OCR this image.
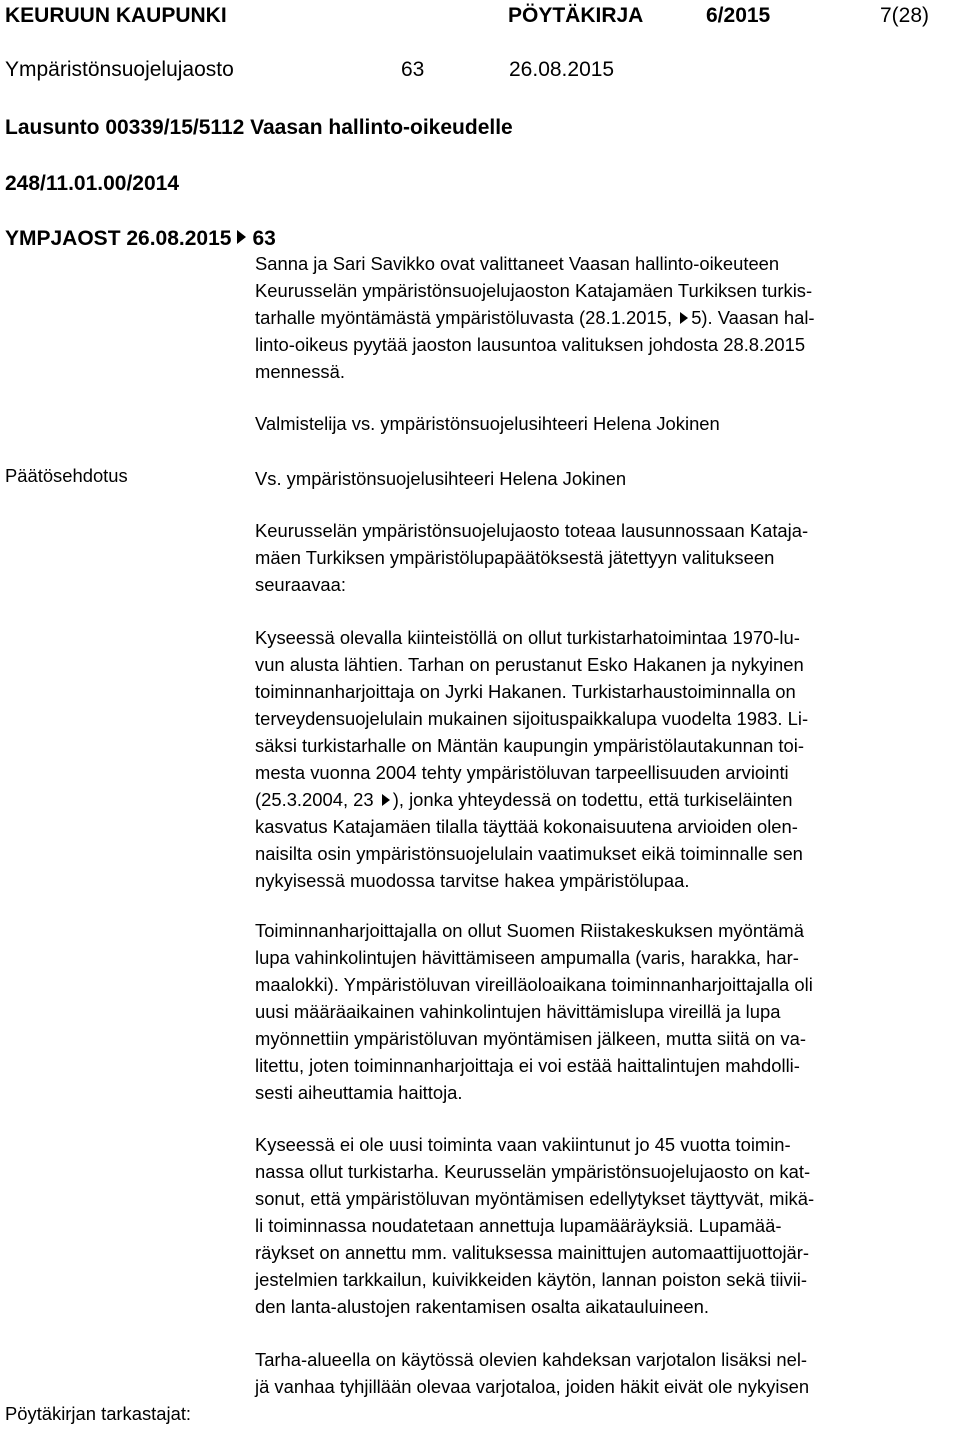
KEURUUN KAUPUNKI	PÖYTÄKIRJA	6/2015	7(28)
Ympäristönsuojelujaosto	63	26.08.2015
Lausunto 00339/15/5112 Vaasan hallinto-oikeudelle
248/11.01.00/2014
YMPJAOST 26.08.2015 63
Sanna ja Sari Savikko ovat valittaneet Vaasan hallinto-oikeuteen
Keurusselän ympäristönsuojelujaoston Katajamäen Turkiksen turkis-
tarhalle myöntämästä ympäristöluvasta (28.1.2015, 5). Vaasan hal-
linto-oikeus pyytää jaoston lausuntoa valituksen johdosta 28.8.2015
mennessä.
Valmistelija vs. ympäristönsuojelusihteeri Helena Jokinen
Päätösehdotus	Vs. ympäristönsuojelusihteeri Helena Jokinen
Keurusselän ympäristönsuojelujaosto toteaa lausunnossaan Kataja-
mäen Turkiksen ympäristölupapäätöksestä jätettyyn valitukseen
seuraavaa:
Kyseessä olevalla kiinteistöllä on ollut turkistarhatoimintaa 1970-lu-
vun alusta lähtien. Tarhan on perustanut Esko Hakanen ja nykyinen
toiminnanharjoittaja on Jyrki Hakanen. Turkistarhaustoiminnalla on
terveydensuojelulain mukainen sijoituspaikkalupa vuodelta 1983. Li-
säksi turkistarhalle on Mäntän kaupungin ympäristölautakunnan toi-
mesta vuonna 2004 tehty ympäristöluvan tarpeellisuuden arviointi
(25.3.2004, 23 ), jonka yhteydessä on todettu, että turkiseläinten
kasvatus Katajamäen tilalla täyttää kokonaisuutena arvioiden olen-
naisilta osin ympäristönsuojelulain vaatimukset eikä toiminnalle sen
nykyisessä muodossa tarvitse hakea ympäristölupaa.
Toiminnanharjoittajalla on ollut Suomen Riistakeskuksen myöntämä
lupa vahinkolintujen hävittämiseen ampumalla (varis, harakka, har-
maalokki). Ympäristöluvan vireilläoloaikana toiminnanharjoittajalla oli
uusi määräaikainen vahinkolintujen hävittämislupa vireillä ja lupa
myönnettiin ympäristöluvan myöntämisen jälkeen, mutta siitä on va-
litettu, joten toiminnanharjoittaja ei voi estää haittalintujen mahdolli-
sesti aiheuttamia haittoja.
Kyseessä ei ole uusi toiminta vaan vakiintunut jo 45 vuotta toimin-
nassa ollut turkistarha. Keurusselän ympäristönsuojelujaosto on kat-
sonut, että ympäristöluvan myöntämisen edellytykset täyttyvät, mikä-
li toiminnassa noudatetaan annettuja lupamääräyksiä. Lupamää-
räykset on annettu mm. valituksessa mainittujen automaattijuottojär-
jestelmien tarkkailun, kuivikkeiden käytön, lannan poiston sekä tiivii-
den lanta-alustojen rakentamisen osalta aikatauluineen.
Tarha-alueella on käytössä olevien kahdeksan varjotalon lisäksi nel-
jä vanhaa tyhjillään olevaa varjotaloa, joiden häkit eivät ole nykyisen
Pöytäkirjan tarkastajat:
